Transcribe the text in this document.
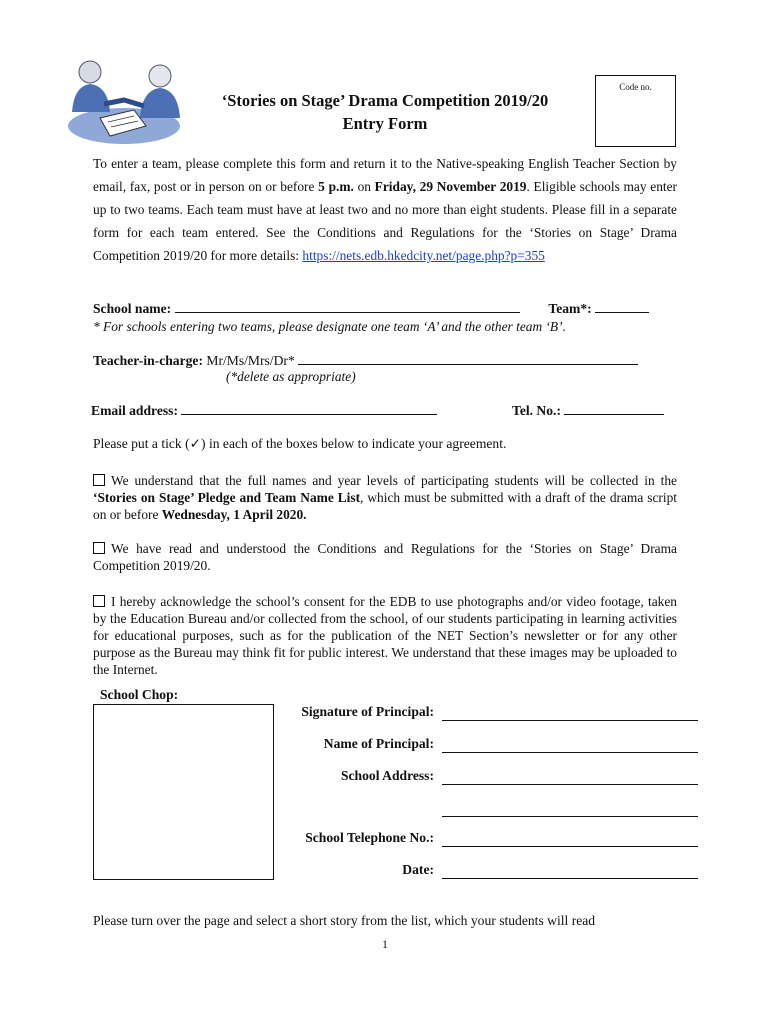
‘Stories on Stage’ Drama Competition 2019/20
Entry Form
Code no.
To enter a team, please complete this form and return it to the Native-speaking English Teacher Section by email, fax, post or in person on or before 5 p.m. on Friday, 29 November 2019. Eligible schools may enter up to two teams. Each team must have at least two and no more than eight students. Please fill in a separate form for each team entered. See the Conditions and Regulations for the ‘Stories on Stage’ Drama Competition 2019/20 for more details: https://nets.edb.hkedcity.net/page.php?p=355
School name:	Team*:
* For schools entering two teams, please designate one team ‘A’ and the other team ‘B’.
Teacher-in-charge: Mr/Ms/Mrs/Dr*
(*delete as appropriate)
Email address:	Tel. No.:
Please put a tick (✓) in each of the boxes below to indicate your agreement.
We understand that the full names and year levels of participating students will be collected in the ‘Stories on Stage’ Pledge and Team Name List, which must be submitted with a draft of the drama script on or before Wednesday, 1 April 2020.
We have read and understood the Conditions and Regulations for the ‘Stories on Stage’ Drama Competition 2019/20.
I hereby acknowledge the school’s consent for the EDB to use photographs and/or video footage, taken by the Education Bureau and/or collected from the school, of our students participating in learning activities for educational purposes, such as for the publication of the NET Section’s newsletter or for any other purpose as the Bureau may think fit for public interest. We understand that these images may be uploaded to the Internet.
School Chop:
Signature of Principal:
Name of Principal:
School Address:
School Telephone No.:
Date:
Please turn over the page and select a short story from the list, which your students will read
1
